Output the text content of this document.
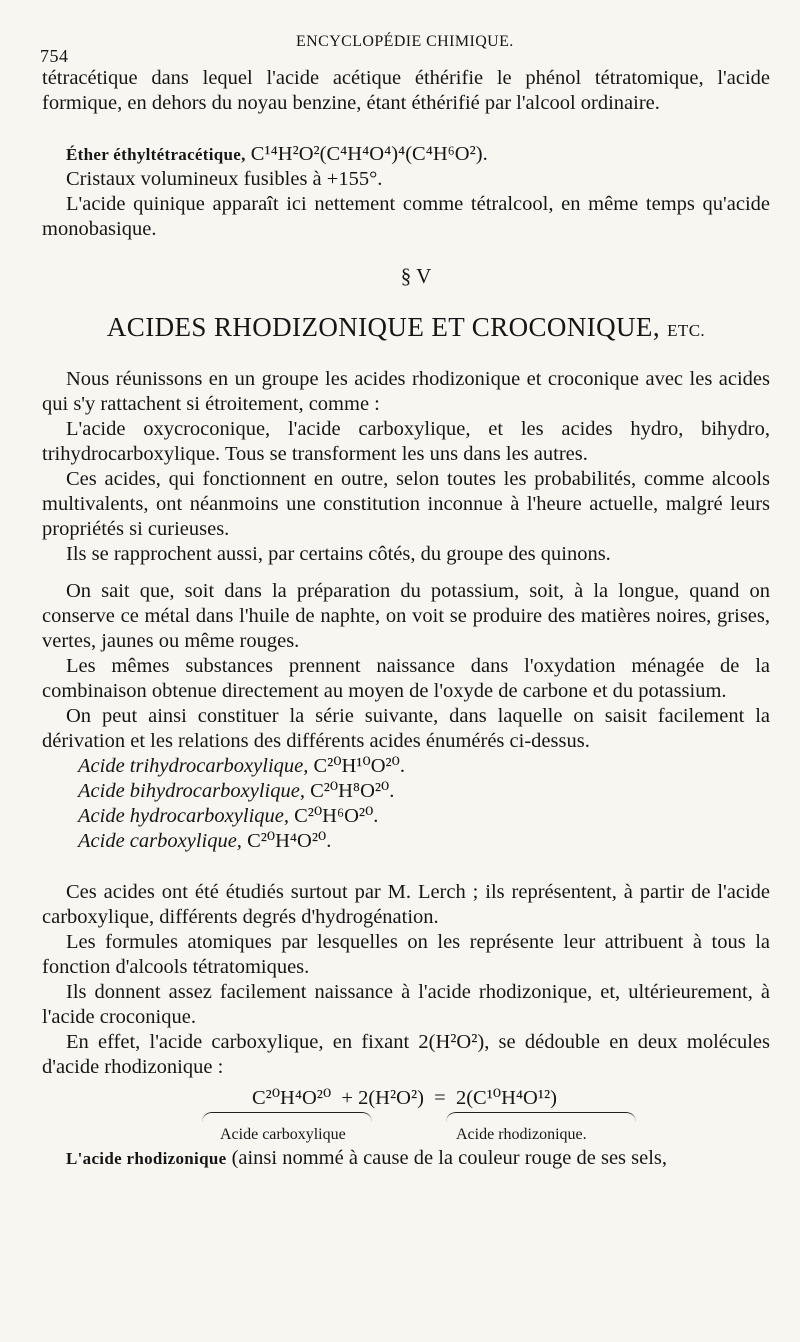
754
ENCYCLOPÉDIE CHIMIQUE.

tétracétique dans lequel l'acide acétique éthérifie le phénol tétratomique, l'acide formique, en dehors du noyau benzine, étant éthérifié par l'alcool ordinaire.

Éther éthyltétracétique, C¹⁴H²O²(C⁴H⁴O⁴)⁴(C⁴H⁶O²).

Cristaux volumineux fusibles à +155°.

L'acide quinique apparaît ici nettement comme tétralcool, en même temps qu'acide monobasique.

§ V
ACIDES RHODIZONIQUE ET CROCONIQUE, ETC.

Nous réunissons en un groupe les acides rhodizonique et croconique avec les acides qui s'y rattachent si étroitement, comme :

L'acide oxycroconique, l'acide carboxylique, et les acides hydro, bihydro, trihydrocarboxylique. Tous se transforment les uns dans les autres.

Ces acides, qui fonctionnent en outre, selon toutes les probabilités, comme alcools multivalents, ont néanmoins une constitution inconnue à l'heure actuelle, malgré leurs propriétés si curieuses.

Ils se rapprochent aussi, par certains côtés, du groupe des quinons.

On sait que, soit dans la préparation du potassium, soit, à la longue, quand on conserve ce métal dans l'huile de naphte, on voit se produire des matières noires, grises, vertes, jaunes ou même rouges.

Les mêmes substances prennent naissance dans l'oxydation ménagée de la combinaison obtenue directement au moyen de l'oxyde de carbone et du potassium.

On peut ainsi constituer la série suivante, dans laquelle on saisit facilement la dérivation et les relations des différents acides énumérés ci-dessus.

Acide trihydrocarboxylique, C²⁰H¹⁰O²⁰.
Acide bihydrocarboxylique, C²⁰H⁸O²⁰.
Acide hydrocarboxylique, C²⁰H⁶O²⁰.
Acide carboxylique, C²⁰H⁴O²⁰.

Ces acides ont été étudiés surtout par M. Lerch ; ils représentent, à partir de l'acide carboxylique, différents degrés d'hydrogénation.

Les formules atomiques par lesquelles on les représente leur attribuent à tous la fonction d'alcools tétratomiques.

Ils donnent assez facilement naissance à l'acide rhodizonique, et, ultérieurement, à l'acide croconique.

En effet, l'acide carboxylique, en fixant 2(H²O²), se dédouble en deux molécules d'acide rhodizonique :

C²⁰H⁴O²⁰ + 2(H²O²) = 2(C¹⁰H⁴O¹²)
Acide carboxylique	Acide rhodizonique.

L'acide rhodizonique (ainsi nommé à cause de la couleur rouge de ses sels,
